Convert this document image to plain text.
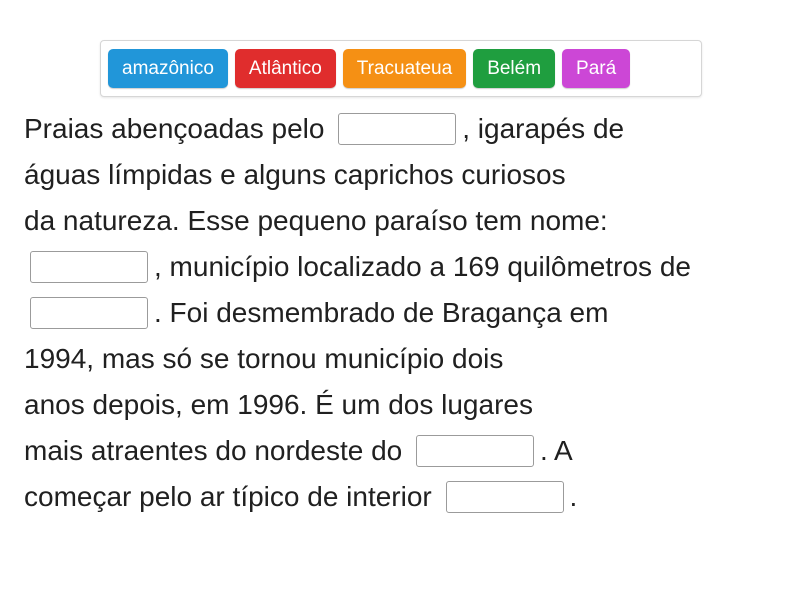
amazônico	Atlântico	Tracuateua	Belém	Pará
Praias abençoadas pelo	, igarapés de
águas límpidas e alguns caprichos curiosos
da natureza. Esse pequeno paraíso tem nome:
, município localizado a 169 quilômetros de
. Foi desmembrado de Bragança em
1994, mas só se tornou município dois
anos depois, em 1996. É um dos lugares
mais atraentes do nordeste do	. A
começar pelo ar típico de interior	.
